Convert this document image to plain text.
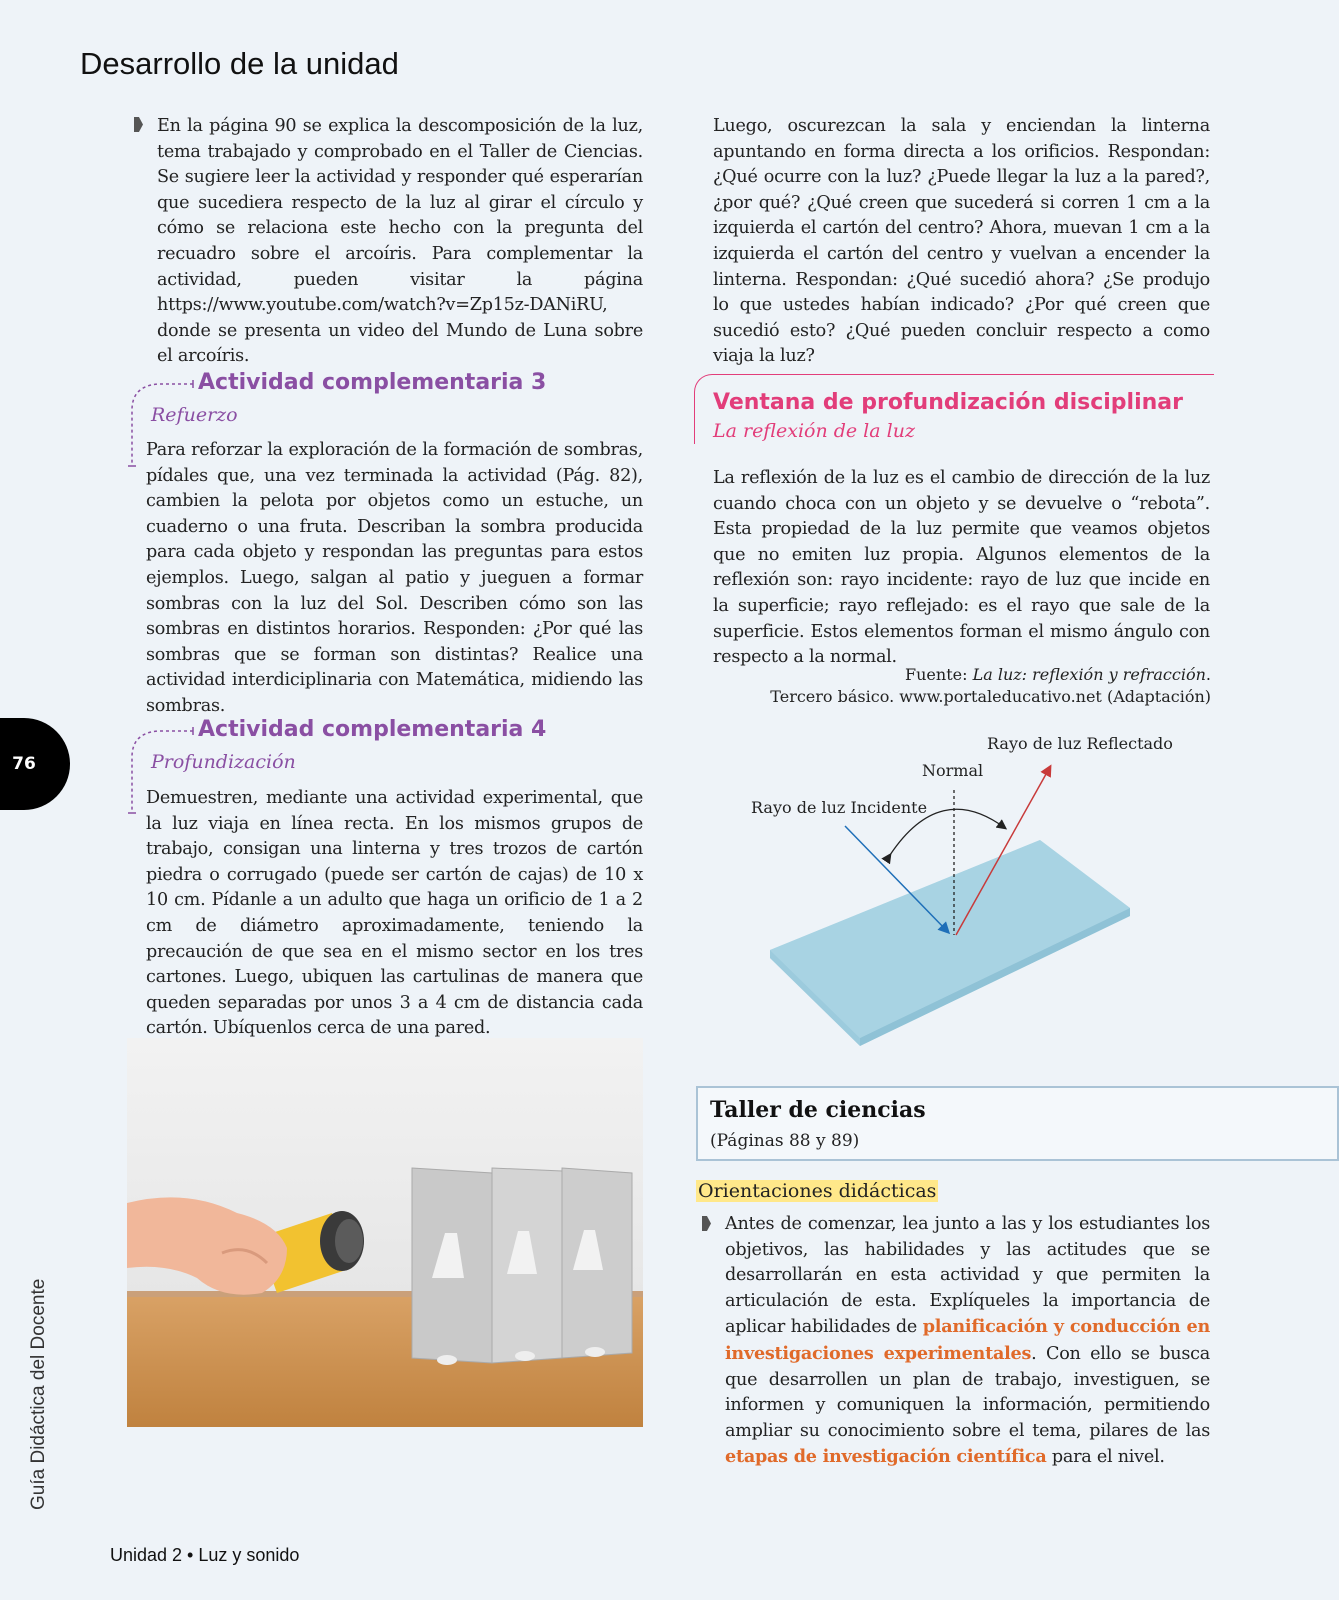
Desarrollo de la unidad

En la página 90 se explica la descomposición de la luz, tema trabajado y comprobado en el Taller de Ciencias. Se sugiere leer la actividad y responder qué esperarían que sucediera respecto de la luz al girar el círculo y cómo se relaciona este hecho con la pregunta del recuadro sobre el arcoíris. Para complementar la actividad, pueden visitar la página https://www.youtube.com/watch?v=Zp15z-DANiRU, donde se presenta un video del Mundo de Luna sobre el arcoíris.

Actividad complementaria 3
Refuerzo

Para reforzar la exploración de la formación de sombras, pídales que, una vez terminada la actividad (Pág. 82), cambien la pelota por objetos como un estuche, un cuaderno o una fruta. Describan la sombra producida para cada objeto y respondan las preguntas para estos ejemplos. Luego, salgan al patio y jueguen a formar sombras con la luz del Sol. Describen cómo son las sombras en distintos horarios. Responden: ¿Por qué las sombras que se forman son distintas? Realice una actividad interdiciplinaria con Matemática, midiendo las sombras.

Actividad complementaria 4
Profundización

Demuestren, mediante una actividad experimental, que la luz viaja en línea recta. En los mismos grupos de trabajo, consigan una linterna y tres trozos de cartón piedra o corrugado (puede ser cartón de cajas) de 10 x 10 cm. Pídanle a un adulto que haga un orificio de 1 a 2 cm de diámetro aproximadamente, teniendo la precaución de que sea en el mismo sector en los tres cartones. Luego, ubiquen las cartulinas de manera que queden separadas por unos 3 a 4 cm de distancia cada cartón. Ubíquenlos cerca de una pared.

Luego, oscurezcan la sala y enciendan la linterna apuntando en forma directa a los orificios. Respondan: ¿Qué ocurre con la luz? ¿Puede llegar la luz a la pared?, ¿por qué? ¿Qué creen que sucederá si corren 1 cm a la izquierda el cartón del centro? Ahora, muevan 1 cm a la izquierda el cartón del centro y vuelvan a encender la linterna. Respondan: ¿Qué sucedió ahora? ¿Se produjo lo que ustedes habían indicado? ¿Por qué creen que sucedió esto? ¿Qué pueden concluir respecto a como viaja la luz?

Ventana de profundización disciplinar
La reflexión de la luz

La reflexión de la luz es el cambio de dirección de la luz cuando choca con un objeto y se devuelve o “rebota”. Esta propiedad de la luz permite que veamos objetos que no emiten luz propia. Algunos elementos de la reflexión son: rayo incidente: rayo de luz que incide en la superficie; rayo reflejado: es el rayo que sale de la superficie. Estos elementos forman el mismo ángulo con respecto a la normal.

Fuente: La luz: reflexión y refracción.
Tercero básico. www.portaleducativo.net (Adaptación)
Rayo de luz Reflectado
Normal
Rayo de luz Incidente
Taller de ciencias
(Páginas 88 y 89)
Orientaciones didácticas

Antes de comenzar, lea junto a las y los estudiantes los objetivos, las habilidades y las actitudes que se desarrollarán en esta actividad y que permiten la articulación de esta. Explíqueles la importancia de aplicar habilidades de planificación y conducción en investigaciones experimentales. Con ello se busca que desarrollen un plan de trabajo, investiguen, se informen y comuniquen la información, permitiendo ampliar su conocimiento sobre el tema, pilares de las etapas de investigación científica para el nivel.

76
Guía Didáctica del Docente
Unidad 2 • Luz y sonido
